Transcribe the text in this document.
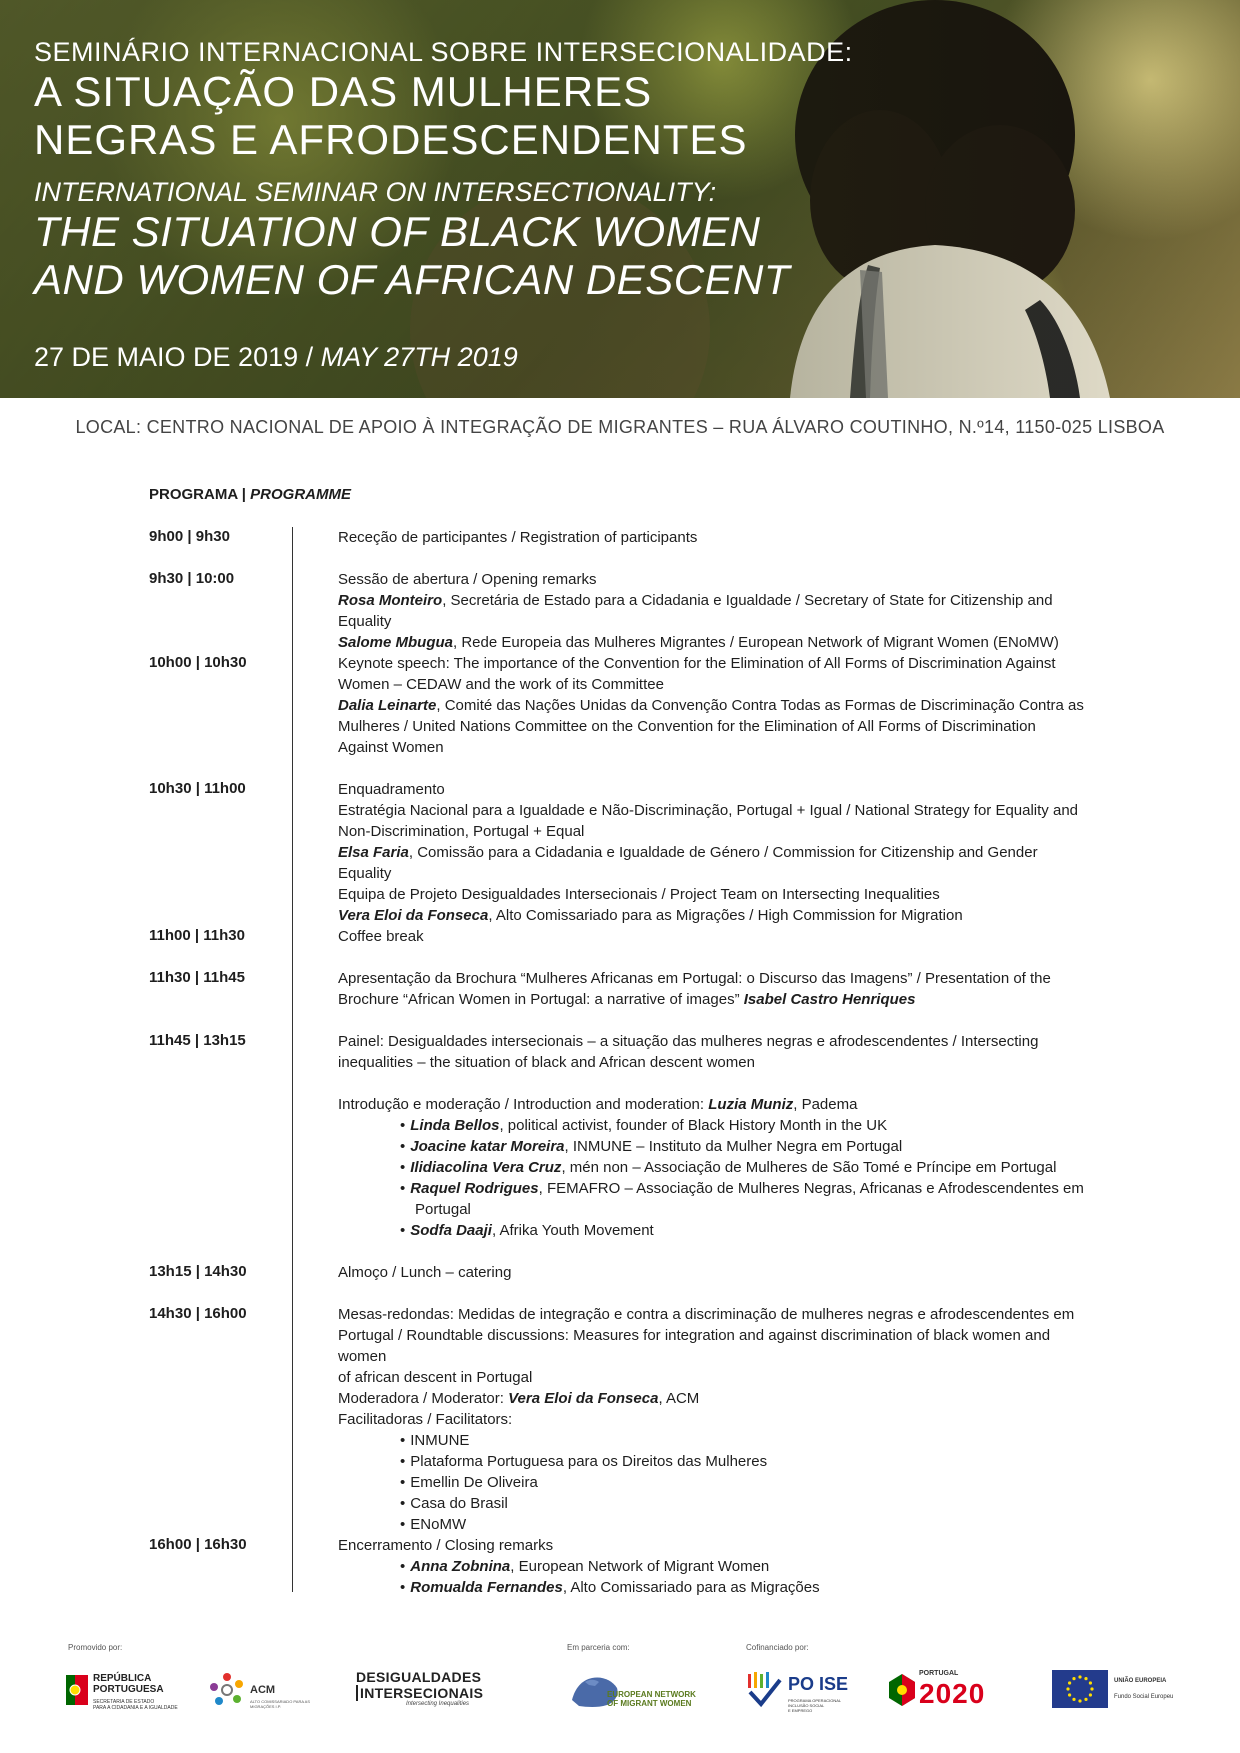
SEMINÁRIO INTERNACIONAL SOBRE INTERSECIONALIDADE:
A SITUAÇÃO DAS MULHERES
NEGRAS E AFRODESCENDENTES
INTERNATIONAL SEMINAR ON INTERSECTIONALITY:
THE SITUATION OF BLACK WOMEN
AND WOMEN OF AFRICAN DESCENT
27 DE MAIO DE 2019 / MAY 27TH 2019
LOCAL: CENTRO NACIONAL DE APOIO À INTEGRAÇÃO DE MIGRANTES – RUA ÁLVARO COUTINHO, N.º14, 1150-025 LISBOA
PROGRAMA | PROGRAMME
9h00 | 9h30	Receção de participantes / Registration of participants
9h30 | 10:00	Sessão de abertura / Opening remarks
Rosa Monteiro, Secretária de Estado para a Cidadania e Igualdade / Secretary of State for Citizenship and Equality
Salome Mbugua, Rede Europeia das Mulheres Migrantes / European Network of Migrant Women (ENoMW)
10h00 | 10h30	Keynote speech: The importance of the Convention for the Elimination of All Forms of Discrimination Against
Women – CEDAW and the work of its Committee
Dalia Leinarte, Comité das Nações Unidas da Convenção Contra Todas as Formas de Discriminação Contra as
Mulheres / United Nations Committee on the Convention for the Elimination of All Forms of Discrimination
Against Women
10h30 | 11h00	Enquadramento
Estratégia Nacional para a Igualdade e Não-Discriminação, Portugal + Igual / National Strategy for Equality and
Non-Discrimination, Portugal + Equal
Elsa Faria, Comissão para a Cidadania e Igualdade de Género / Commission for Citizenship and Gender Equality
Equipa de Projeto Desigualdades Intersecionais / Project Team on Intersecting Inequalities
Vera Eloi da Fonseca, Alto Comissariado para as Migrações / High Commission for Migration
11h00 | 11h30	Coffee break
11h30 | 11h45	Apresentação da Brochura “Mulheres Africanas em Portugal: o Discurso das Imagens” / Presentation of the
Brochure “African Women in Portugal: a narrative of images” Isabel Castro Henriques
11h45 | 13h15	Painel: Desigualdades intersecionais – a situação das mulheres negras e afrodescendentes / Intersecting
inequalities – the situation of black and African descent women
Introdução e moderação / Introduction and moderation: Luzia Muniz, Padema
• Linda Bellos, political activist, founder of Black History Month in the UK
• Joacine katar Moreira, INMUNE – Instituto da Mulher Negra em Portugal
• Ilidiacolina Vera Cruz, mén non – Associação de Mulheres de São Tomé e Príncipe em Portugal
• Raquel Rodrigues, FEMAFRO – Associação de Mulheres Negras, Africanas e Afrodescendentes em
Portugal
• Sodfa Daaji, Afrika Youth Movement
13h15 | 14h30	Almoço / Lunch – catering
14h30 | 16h00	Mesas-redondas: Medidas de integração e contra a discriminação de mulheres negras e afrodescendentes em
Portugal / Roundtable discussions: Measures for integration and against discrimination of black women and women
of african descent in Portugal
Moderadora / Moderator: Vera Eloi da Fonseca, ACM
Facilitadoras / Facilitators:
• INMUNE
• Plataforma Portuguesa para os Direitos das Mulheres
• Emellin De Oliveira
• Casa do Brasil
• ENoMW
16h00 | 16h30	Encerramento / Closing remarks
• Anna Zobnina, European Network of Migrant Women
• Romualda Fernandes, Alto Comissariado para as Migrações
Promovido por:	Em parceria com:	Cofinanciado por:
REPÚBLICA
PORTUGUESA
SECRETARIA DE ESTADO
PARA A CIDADANIA E A IGUALDADE
ACM
ALTO COMISSARIADO PARA AS MIGRAÇÕES I.P.
DESIGUALDADES
INTERSECIONAIS
Intersecting Inequalities
EUROPEAN NETWORK
OF MIGRANT WOMEN
PO ISE
PROGRAMA OPERACIONAL
INCLUSÃO SOCIAL
E EMPREGO
PORTUGAL
2020	UNIÃO EUROPEIA
Fundo Social Europeu
